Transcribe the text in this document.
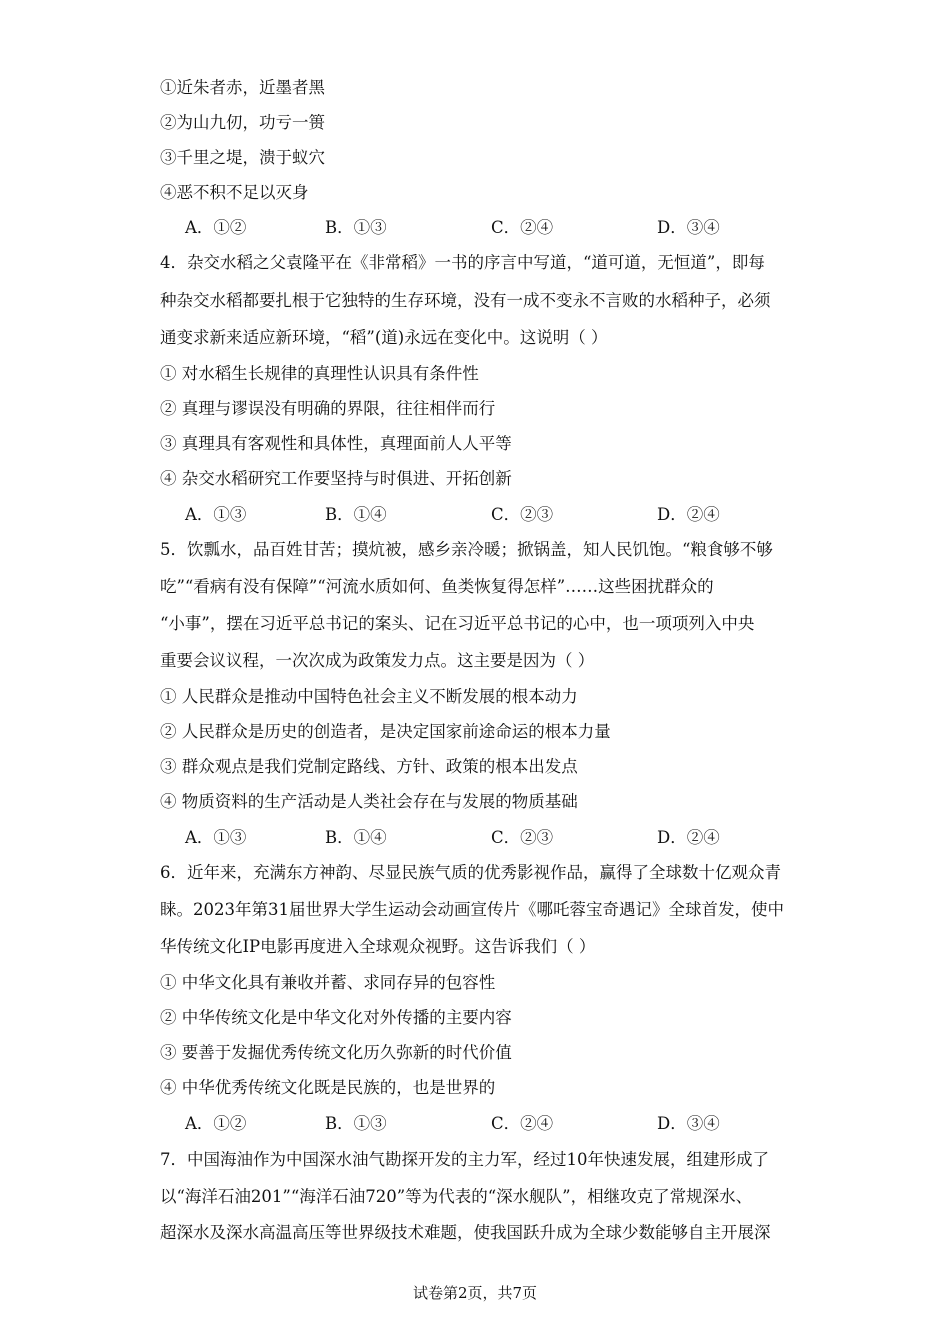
①近朱者赤，近墨者黑
②为山九仞，功亏一篑
③千里之堤，溃于蚁穴
④恶不积不足以灭身
A．①②	B．①③	C．②④	D．③④
4．杂交水稻之父袁隆平在《非常稻》一书的序言中写道，“道可道，无恒道”，即每
种杂交水稻都要扎根于它独特的生存环境，没有一成不变永不言败的水稻种子，必须
通变求新来适应新环境，“稻”(道)永远在变化中。这说明（ ）
① 对水稻生长规律的真理性认识具有条件性
② 真理与谬误没有明确的界限，往往相伴而行
③ 真理具有客观性和具体性，真理面前人人平等
④ 杂交水稻研究工作要坚持与时俱进、开拓创新
A．①③	B．①④	C．②③	D．②④
5．饮瓢水，品百姓甘苦；摸炕被，感乡亲冷暖；掀锅盖，知人民饥饱。“粮食够不够
吃”“看病有没有保障”“河流水质如何、鱼类恢复得怎样”……这些困扰群众的
“小事”，摆在习近平总书记的案头、记在习近平总书记的心中，也一项项列入中央
重要会议议程，一次次成为政策发力点。这主要是因为（ ）
① 人民群众是推动中国特色社会主义不断发展的根本动力
② 人民群众是历史的创造者，是决定国家前途命运的根本力量
③ 群众观点是我们党制定路线、方针、政策的根本出发点
④ 物质资料的生产活动是人类社会存在与发展的物质基础
A．①③	B．①④	C．②③	D．②④
6．近年来，充满东方神韵、尽显民族气质的优秀影视作品，赢得了全球数十亿观众青
睐。2023年第31届世界大学生运动会动画宣传片《哪吒蓉宝奇遇记》全球首发，使中
华传统文化IP电影再度进入全球观众视野。这告诉我们（ ）
① 中华文化具有兼收并蓄、求同存异的包容性
② 中华传统文化是中华文化对外传播的主要内容
③ 要善于发掘优秀传统文化历久弥新的时代价值
④ 中华优秀传统文化既是民族的，也是世界的
A．①②	B．①③	C．②④	D．③④
7．中国海油作为中国深水油气勘探开发的主力军，经过10年快速发展，组建形成了
以“海洋石油201”“海洋石油720”等为代表的“深水舰队”，相继攻克了常规深水、
超深水及深水高温高压等世界级技术难题，使我国跃升成为全球少数能够自主开展深
试卷第2页，共7页
